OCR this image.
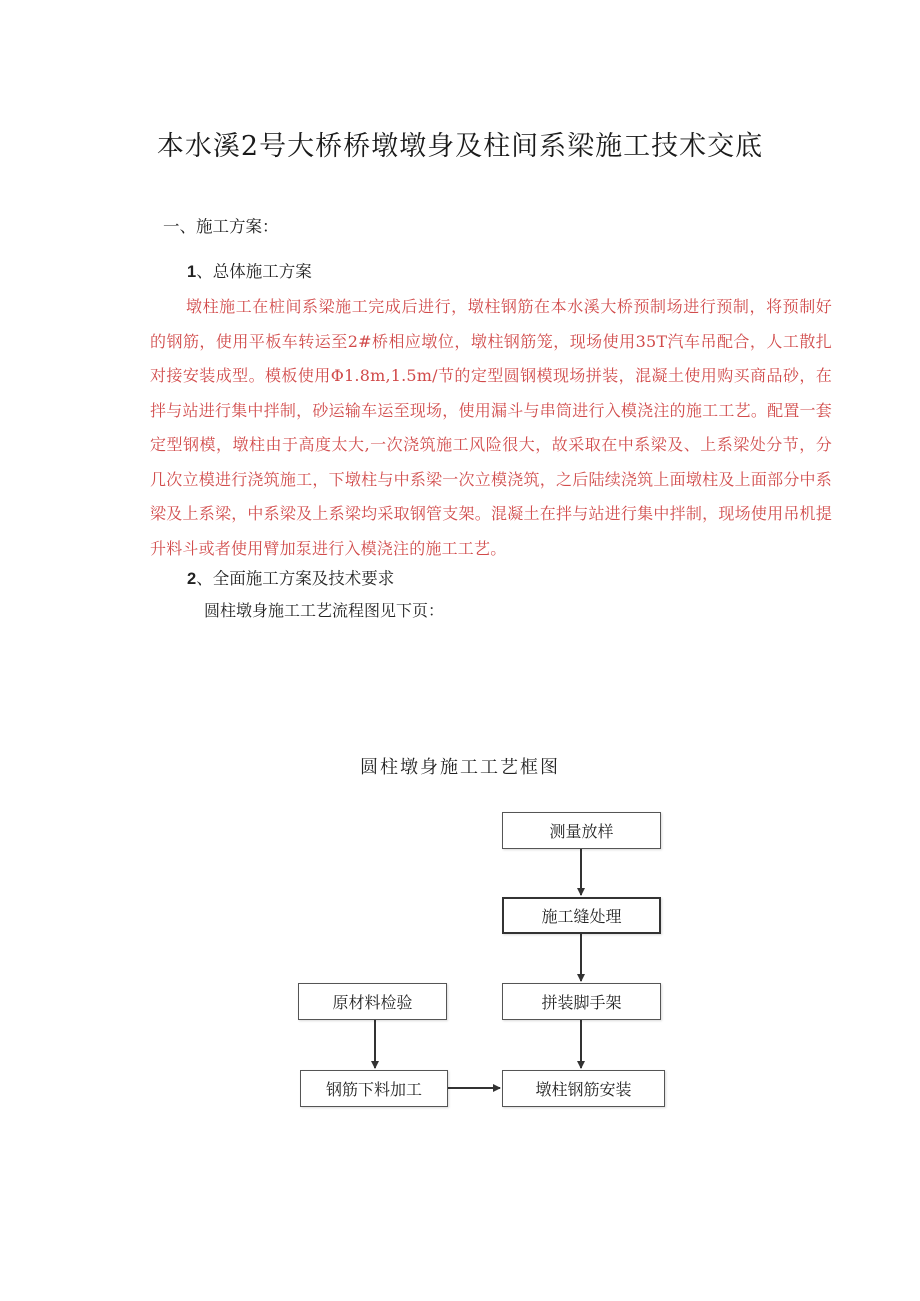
本水溪2号大桥桥墩墩身及柱间系梁施工技术交底
一、施工方案：
1、总体施工方案
墩柱施工在桩间系梁施工完成后进行，墩柱钢筋在本水溪大桥预制场进行预制，将预制好的钢筋，使用平板车转运至2#桥相应墩位，墩柱钢筋笼，现场使用35T汽车吊配合，人工散扎对接安装成型。模板使用Φ1.8m,1.5m/节的定型圆钢模现场拼装，混凝土使用购买商品砂，在拌与站进行集中拌制，砂运输车运至现场，使用漏斗与串筒进行入模浇注的施工工艺。配置一套定型钢模，墩柱由于高度太大,一次浇筑施工风险很大，故采取在中系梁及、上系梁处分节，分几次立模进行浇筑施工，下墩柱与中系梁一次立模浇筑，之后陆续浇筑上面墩柱及上面部分中系梁及上系梁，中系梁及上系梁均采取钢管支架。混凝土在拌与站进行集中拌制，现场使用吊机提升料斗或者使用臂加泵进行入模浇注的施工工艺。
2、全面施工方案及技术要求
圆柱墩身施工工艺流程图见下页：
圆柱墩身施工工艺框图
测量放样
施工缝处理
拼装脚手架
原材料检验
钢筋下料加工	墩柱钢筋安装
